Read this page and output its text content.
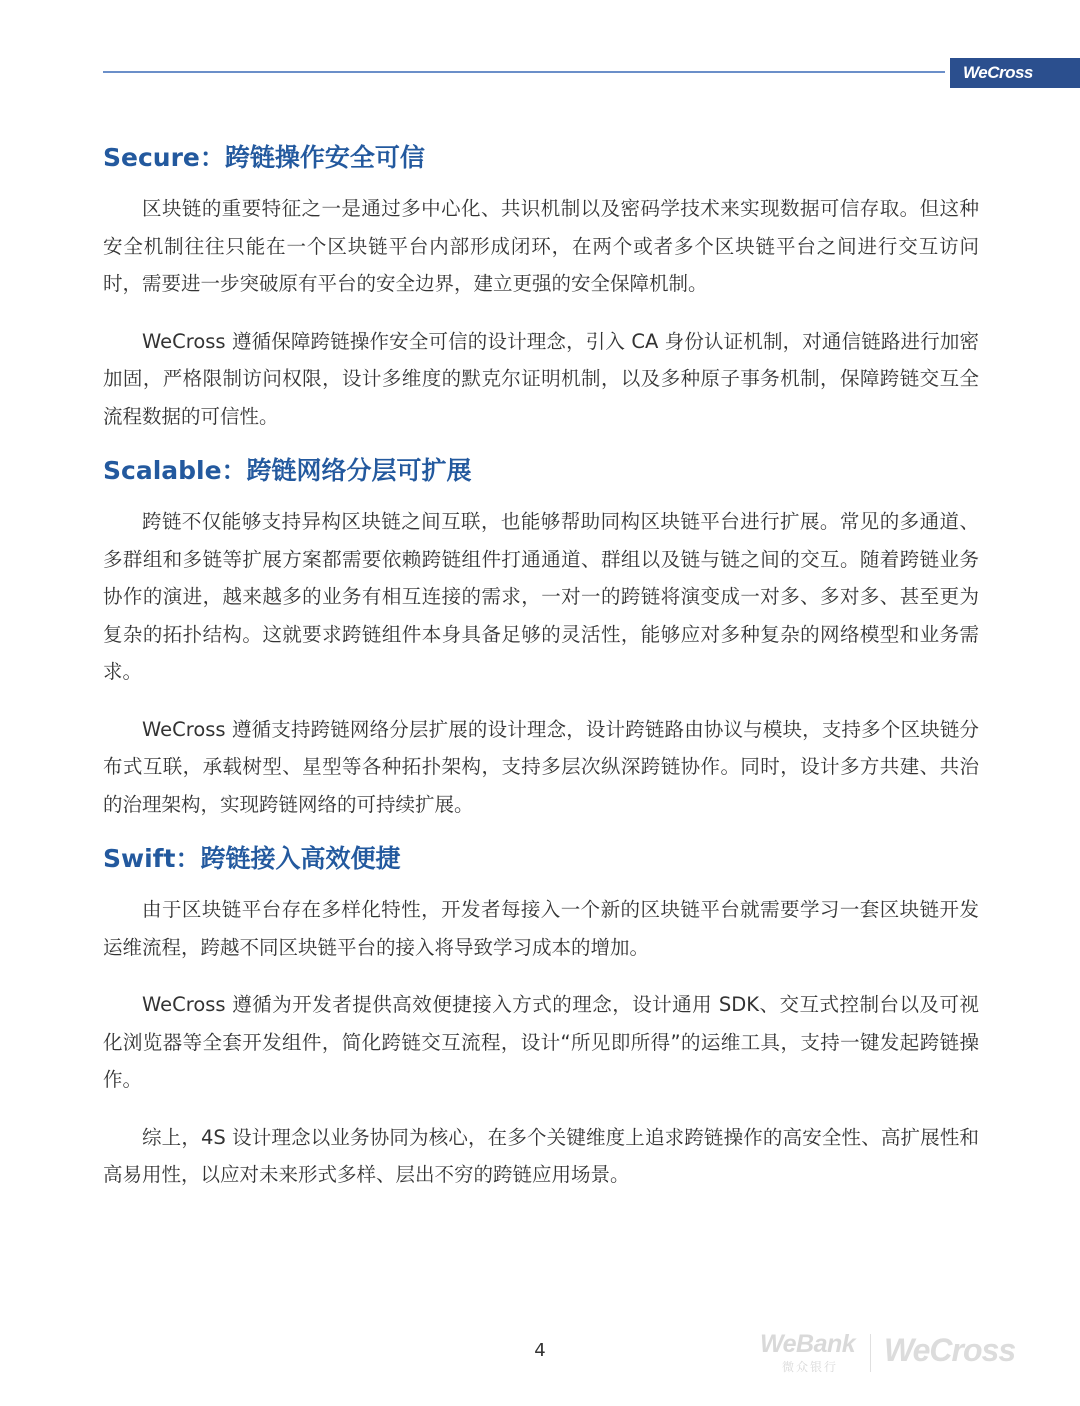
WeCross
Secure：跨链操作安全可信

区块链的重要特征之一是通过多中心化、共识机制以及密码学技术来实现数据可信存取。但这种安全机制往往只能在一个区块链平台内部形成闭环，在两个或者多个区块链平台之间进行交互访问时，需要进一步突破原有平台的安全边界，建立更强的安全保障机制。

WeCross 遵循保障跨链操作安全可信的设计理念，引入 CA 身份认证机制，对通信链路进行加密加固，严格限制访问权限，设计多维度的默克尔证明机制，以及多种原子事务机制，保障跨链交互全流程数据的可信性。

Scalable：跨链网络分层可扩展

跨链不仅能够支持异构区块链之间互联，也能够帮助同构区块链平台进行扩展。常见的多通道、多群组和多链等扩展方案都需要依赖跨链组件打通通道、群组以及链与链之间的交互。随着跨链业务协作的演进，越来越多的业务有相互连接的需求，一对一的跨链将演变成一对多、多对多、甚至更为复杂的拓扑结构。这就要求跨链组件本身具备足够的灵活性，能够应对多种复杂的网络模型和业务需求。

WeCross 遵循支持跨链网络分层扩展的设计理念，设计跨链路由协议与模块，支持多个区块链分布式互联，承载树型、星型等各种拓扑架构，支持多层次纵深跨链协作。同时，设计多方共建、共治的治理架构，实现跨链网络的可持续扩展。

Swift：跨链接入高效便捷

由于区块链平台存在多样化特性，开发者每接入一个新的区块链平台就需要学习一套区块链开发运维流程，跨越不同区块链平台的接入将导致学习成本的增加。

WeCross 遵循为开发者提供高效便捷接入方式的理念，设计通用 SDK、交互式控制台以及可视化浏览器等全套开发组件，简化跨链交互流程，设计“所见即所得”的运维工具，支持一键发起跨链操作。

综上，4S 设计理念以业务协同为核心，在多个关键维度上追求跨链操作的高安全性、高扩展性和高易用性，以应对未来形式多样、层出不穷的跨链应用场景。

4	WeBank
微众银行 WeCross
